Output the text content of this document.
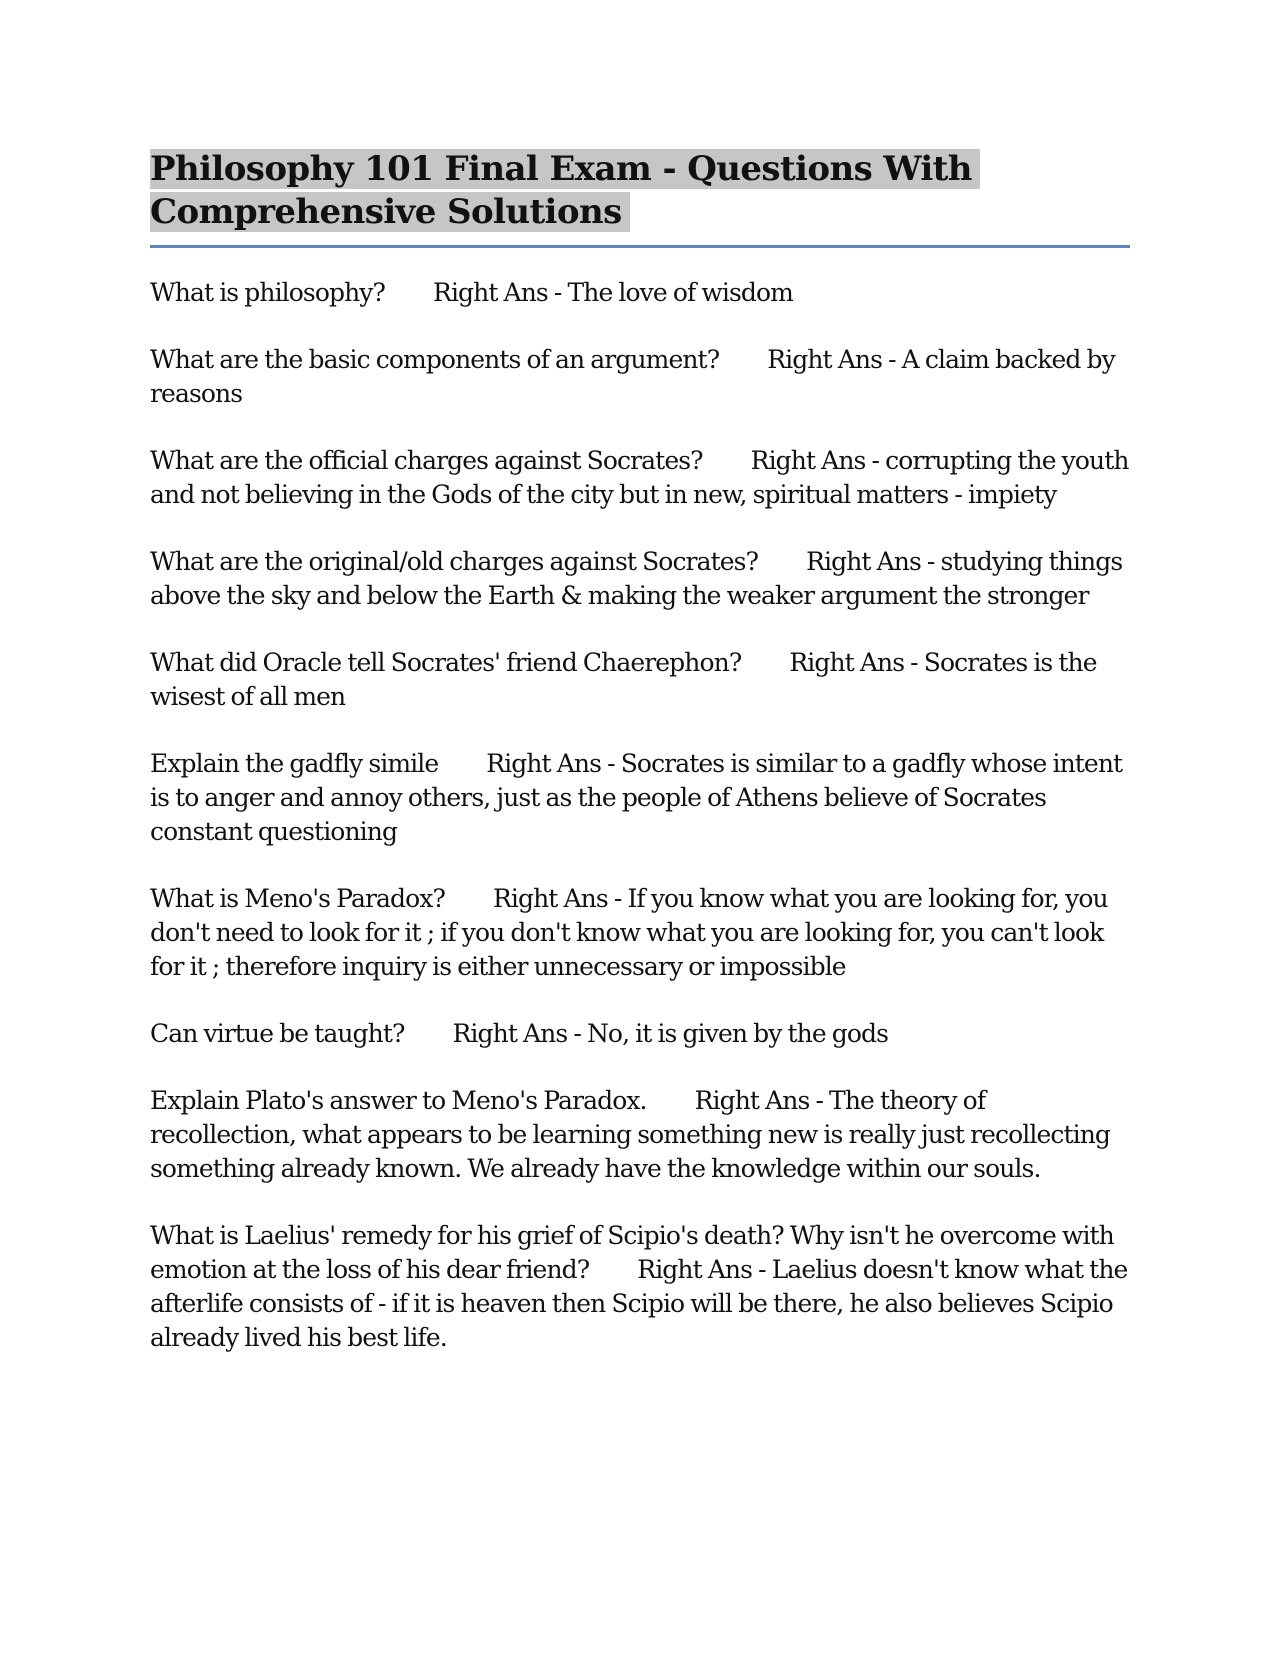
Philosophy 101 Final Exam - Questions With
Comprehensive Solutions

What is philosophy? Right Ans - The love of wisdom

What are the basic components of an argument? Right Ans - A claim backed by reasons

What are the official charges against Socrates? Right Ans - corrupting the youth and not believing in the Gods of the city but in new, spiritual matters - impiety

What are the original/old charges against Socrates? Right Ans - studying things above the sky and below the Earth & making the weaker argument the stronger

What did Oracle tell Socrates' friend Chaerephon? Right Ans - Socrates is the wisest of all men

Explain the gadfly simile Right Ans - Socrates is similar to a gadfly whose intent is to anger and annoy others, just as the people of Athens believe of Socrates constant questioning

What is Meno's Paradox? Right Ans - If you know what you are looking for, you don't need to look for it ; if you don't know what you are looking for, you can't look for it ; therefore inquiry is either unnecessary or impossible

Can virtue be taught? Right Ans - No, it is given by the gods

Explain Plato's answer to Meno's Paradox. Right Ans - The theory of recollection, what appears to be learning something new is really just recollecting something already known. We already have the knowledge within our souls.

What is Laelius' remedy for his grief of Scipio's death? Why isn't he overcome with emotion at the loss of his dear friend? Right Ans - Laelius doesn't know what the afterlife consists of - if it is heaven then Scipio will be there, he also believes Scipio already lived his best life.
